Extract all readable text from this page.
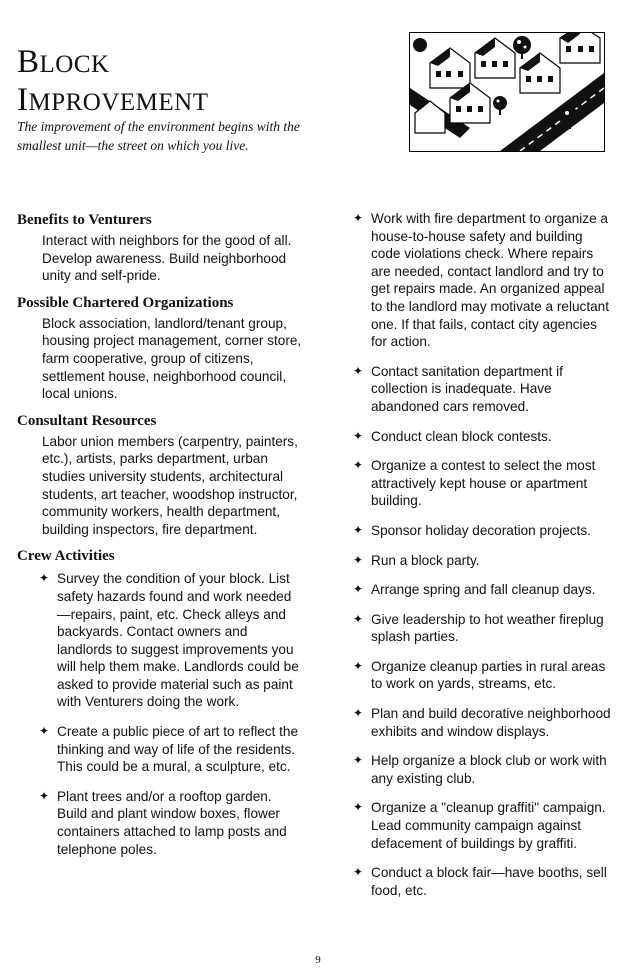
BLOCK
IMPROVEMENT

The improvement of the environment begins with the smallest unit—the street on which you live.

Benefits to Venturers

Interact with neighbors for the good of all. Develop awareness. Build neighborhood unity and self-pride.

Possible Chartered Organizations

Block association, landlord/tenant group, housing project management, corner store, farm cooperative, group of citizens, settlement house, neighborhood council, local unions.

Consultant Resources

Labor union members (carpentry, painters, etc.), artists, parks department, urban studies university students, architectural students, art teacher, woodshop instructor, community workers, health department, building inspectors, fire department.

Crew Activities
✦ Survey the condition of your block. List safety hazards found and work needed—repairs, paint, etc. Check alleys and backyards. Contact owners and landlords to suggest improvements you will help them make. Landlords could be asked to provide material such as paint with Venturers doing the work.
✦ Create a public piece of art to reflect the thinking and way of life of the residents. This could be a mural, a sculpture, etc.
✦ Plant trees and/or a rooftop garden. Build and plant window boxes, flower containers attached to lamp posts and telephone poles.
✦ Work with fire department to organize a house-to-house safety and building code violations check. Where repairs are needed, contact landlord and try to get repairs made. An organized appeal to the landlord may motivate a reluctant one. If that fails, contact city agencies for action.
✦ Contact sanitation department if collection is inadequate. Have abandoned cars removed.
✦ Conduct clean block contests.
✦ Organize a contest to select the most attractively kept house or apartment building.
✦ Sponsor holiday decoration projects.
✦ Run a block party.
✦ Arrange spring and fall cleanup days.
✦ Give leadership to hot weather fireplug splash parties.
✦ Organize cleanup parties in rural areas to work on yards, streams, etc.
✦ Plan and build decorative neighborhood exhibits and window displays.
✦ Help organize a block club or work with any existing club.
✦ Organize a "cleanup graffiti" campaign. Lead community campaign against defacement of buildings by graffiti.
✦ Conduct a block fair—have booths, sell food, etc.
9
